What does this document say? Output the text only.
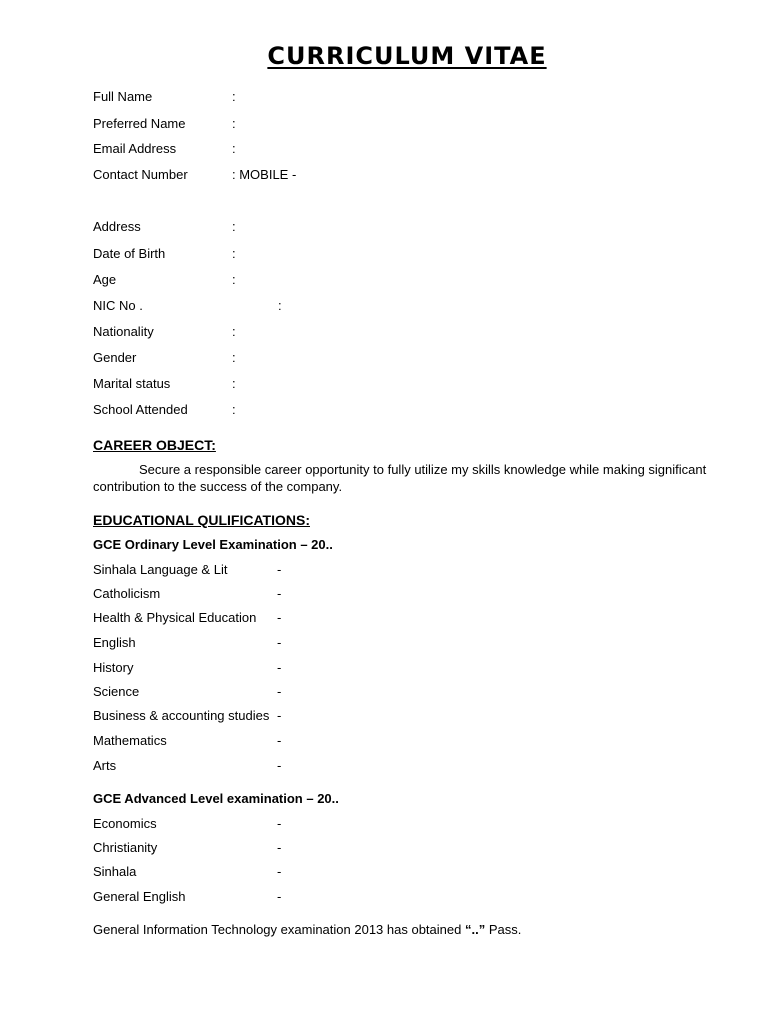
CURRICULUM VITAE
Full Name	:
Preferred Name	:
Email Address	:
Contact Number	: MOBILE -
Address	:
Date of Birth	:
Age	:
NIC No .	:
Nationality	:
Gender	:
Marital status	:
School Attended	:
CAREER OBJECT:
Secure a responsible career opportunity to fully utilize my skills knowledge while making significant contribution to the success of the company.
EDUCATIONAL QULIFICATIONS:
GCE Ordinary Level Examination – 20..
Sinhala Language & Lit	-
Catholicism	-
Health & Physical Education -
English	-
History	-
Science	-
Business & accounting studies -
Mathematics	-
Arts	-
GCE Advanced Level examination – 20..
Economics	-
Christianity	-
Sinhala	-
General English	-
General Information Technology examination 2013 has obtained “..” Pass.
